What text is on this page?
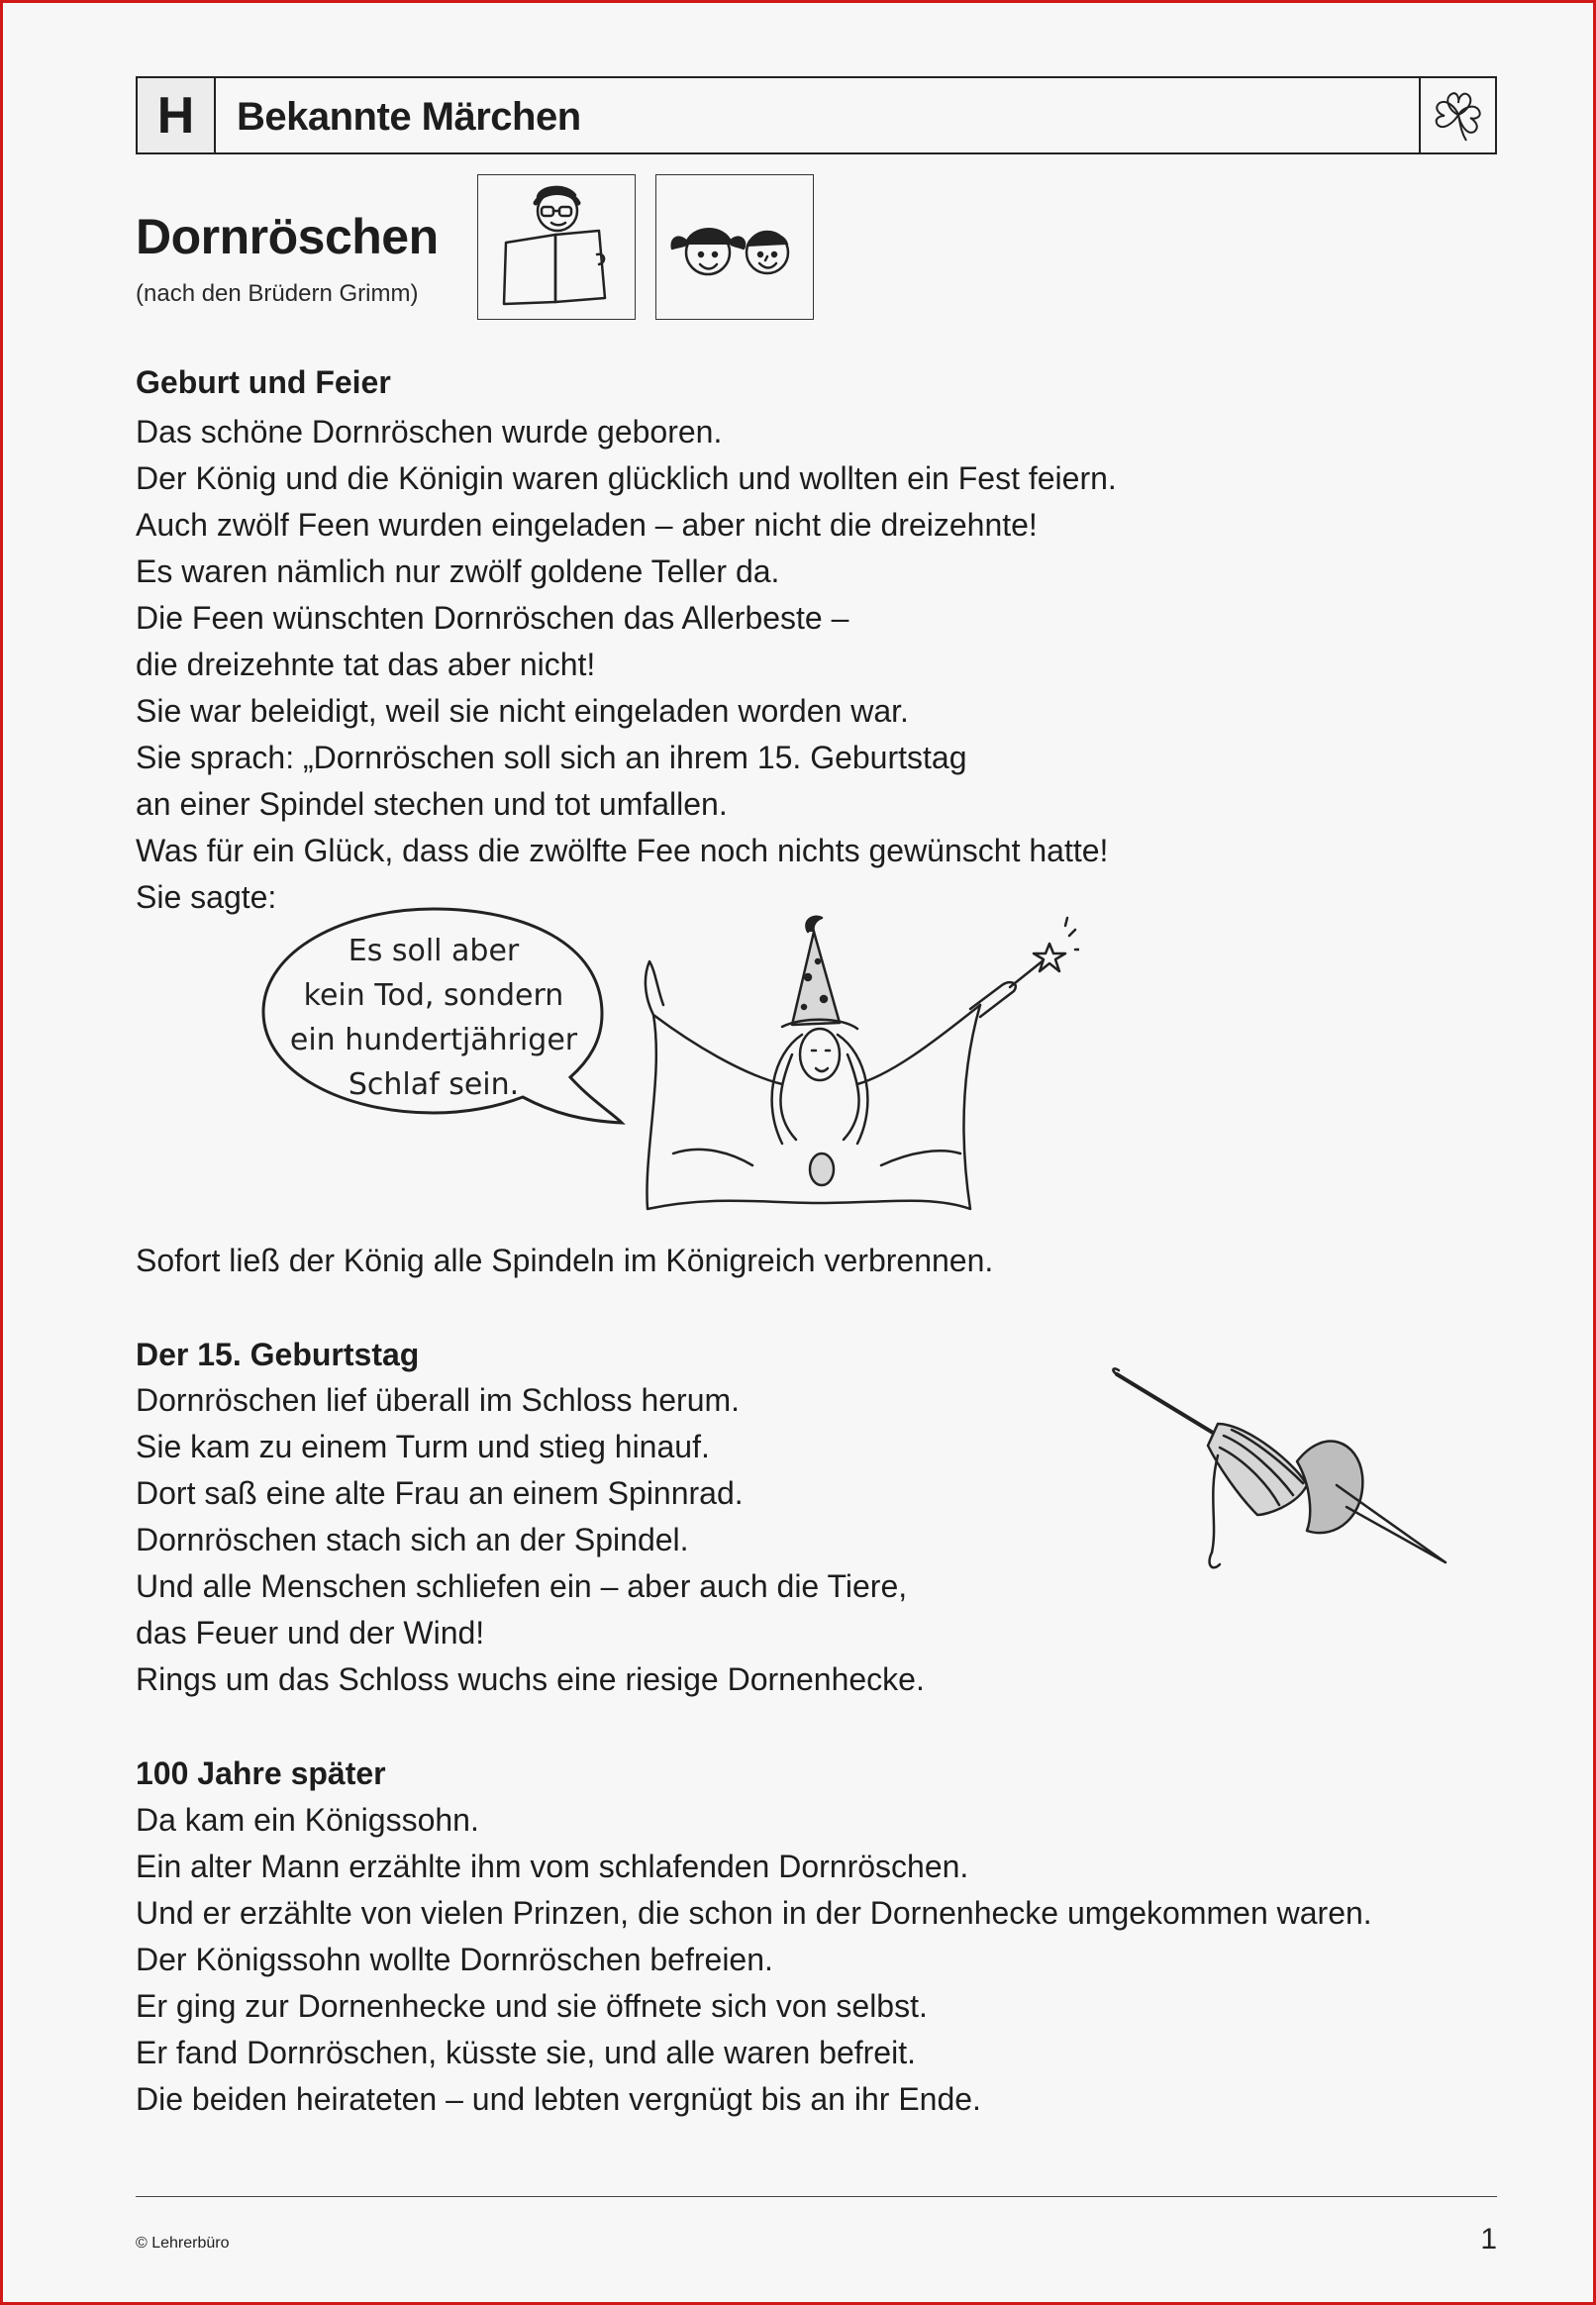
H	Bekannte Märchen
Dornröschen
(nach den Brüdern Grimm)
Geburt und Feier
Das schöne Dornröschen wurde geboren.
Der König und die Königin waren glücklich und wollten ein Fest feiern.
Auch zwölf Feen wurden eingeladen – aber nicht die dreizehnte!
Es waren nämlich nur zwölf goldene Teller da.
Die Feen wünschten Dornröschen das Allerbeste –
die dreizehnte tat das aber nicht!
Sie war beleidigt, weil sie nicht eingeladen worden war.
Sie sprach: „Dornröschen soll sich an ihrem 15. Geburtstag
an einer Spindel stechen und tot umfallen.
Was für ein Glück, dass die zwölfte Fee noch nichts gewünscht hatte!
Sie sagte:
Es soll aber
kein Tod, sondern
ein hundertjähriger
Schlaf sein.
Sofort ließ der König alle Spindeln im Königreich verbrennen.
Der 15. Geburtstag
Dornröschen lief überall im Schloss herum.
Sie kam zu einem Turm und stieg hinauf.
Dort saß eine alte Frau an einem Spinnrad.
Dornröschen stach sich an der Spindel.
Und alle Menschen schliefen ein – aber auch die Tiere,
das Feuer und der Wind!
Rings um das Schloss wuchs eine riesige Dornenhecke.
100 Jahre später
Da kam ein Königssohn.
Ein alter Mann erzählte ihm vom schlafenden Dornröschen.
Und er erzählte von vielen Prinzen, die schon in der Dornenhecke umgekommen waren.
Der Königssohn wollte Dornröschen befreien.
Er ging zur Dornenhecke und sie öffnete sich von selbst.
Er fand Dornröschen, küsste sie, und alle waren befreit.
Die beiden heirateten – und lebten vergnügt bis an ihr Ende.
© Lehrerbüro	1
